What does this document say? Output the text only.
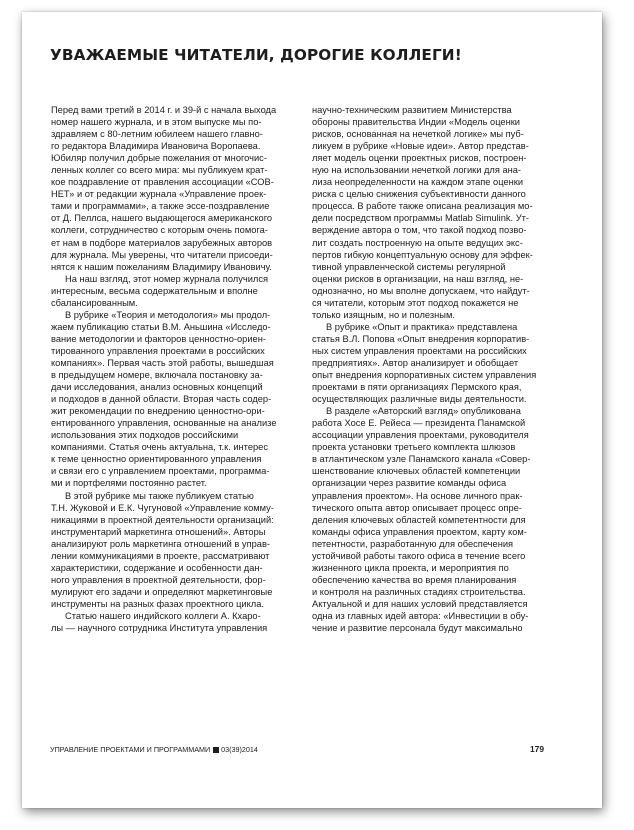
УВАЖАЕМЫЕ ЧИТАТЕЛИ, ДОРОГИЕ КОЛЛЕГИ!
Перед вами третий в 2014 г. и 39-й с начала выхода
номер нашего журнала, и в этом выпуске мы по-
здравляем с 80-летним юбилеем нашего главно-
го редактора Владимира Ивановича Воропаева.
Юбиляр получил добрые пожелания от многочис-
ленных коллег со всего мира: мы публикуем крат-
кое поздравление от правления ассоциации «СОВ-
НЕТ» и от редакции журнала «Управление проек-
тами и программами», а также эссе-поздравление
от Д. Пеллса, нашего выдающегося американского
коллеги, сотрудничество с которым очень помога-
ет нам в подборе материалов зарубежных авторов
для журнала. Мы уверены, что читатели присоеди-
нятся к нашим пожеланиям Владимиру Ивановичу.
На наш взгляд, этот номер журнала получился
интересным, весьма содержательным и вполне
сбалансированным.
В рубрике «Теория и методология» мы продол-
жаем публикацию статьи В.М. Аньшина «Исследо-
вание методологии и факторов ценностно-ориен-
тированного управления проектами в российских
компаниях». Первая часть этой работы, вышедшая
в предыдущем номере, включала постановку за-
дачи исследования, анализ основных концепций
и подходов в данной области. Вторая часть содер-
жит рекомендации по внедрению ценностно-ори-
ентированного управления, основанные на анализе
использования этих подходов российскими
компаниями. Статья очень актуальна, т.к. интерес
к теме ценностно ориентированного управления
и связи его с управлением проектами, программа-
ми и портфелями постоянно растет.
В этой рубрике мы также публикуем статью
Т.Н. Жуковой и Е.К. Чугуновой «Управление комму-
никациями в проектной деятельности организаций:
инструментарий маркетинга отношений». Авторы
анализируют роль маркетинга отношений в управ-
лении коммуникациями в проекте, рассматривают
характеристики, содержание и особенности дан-
ного управления в проектной деятельности, фор-
мулируют его задачи и определяют маркетинговые
инструменты на разных фазах проектного цикла.
Статью нашего индийского коллеги А. Кхаро-
лы — научного сотрудника Института управления
научно-техническим развитием Министерства
обороны правительства Индии «Модель оценки
рисков, основанная на нечеткой логике» мы пуб-
ликуем в рубрике «Новые идеи». Автор представ-
ляет модель оценки проектных рисков, построен-
ную на использовании нечеткой логики для ана-
лиза неопределенности на каждом этапе оценки
риска с целью снижения субъективности данного
процесса. В работе также описана реализация мо-
дели посредством программы Matlab Simulink. Ут-
верждение автора о том, что такой подход позво-
лит создать построенную на опыте ведущих экс-
пертов гибкую концептуальную основу для эффек-
тивной управленческой системы регулярной
оценки рисков в организации, на наш взгляд, не-
однозначно, но мы вполне допускаем, что найдут-
ся читатели, которым этот подход покажется не
только изящным, но и полезным.
В рубрике «Опыт и практика» представлена
статья В.Л. Попова «Опыт внедрения корпоратив-
ных систем управления проектами на российских
предприятиях». Автор анализирует и обобщает
опыт внедрения корпоративных систем управления
проектами в пяти организациях Пермского края,
осуществляющих различные виды деятельности.
В разделе «Авторский взгляд» опубликована
работа Хосе Е. Рейеса — президента Панамской
ассоциации управления проектами, руководителя
проекта установки третьего комплекта шлюзов
в атлантическом узле Панамского канала «Совер-
шенствование ключевых областей компетенции
организации через развитие команды офиса
управления проектом». На основе личного прак-
тического опыта автор описывает процесс опре-
деления ключевых областей компетентности для
команды офиса управления проектом, карту ком-
петентности, разработанную для обеспечения
устойчивой работы такого офиса в течение всего
жизненного цикла проекта, и мероприятия по
обеспечению качества во время планирования
и контроля на различных стадиях строительства.
Актуальной и для наших условий представляется
одна из главных идей автора: «Инвестиции в обу-
чение и развитие персонала будут максимально
УПРАВЛЕНИЕ ПРОЕКТАМИ И ПРОГРАММАМИ 03(39)2014	179
